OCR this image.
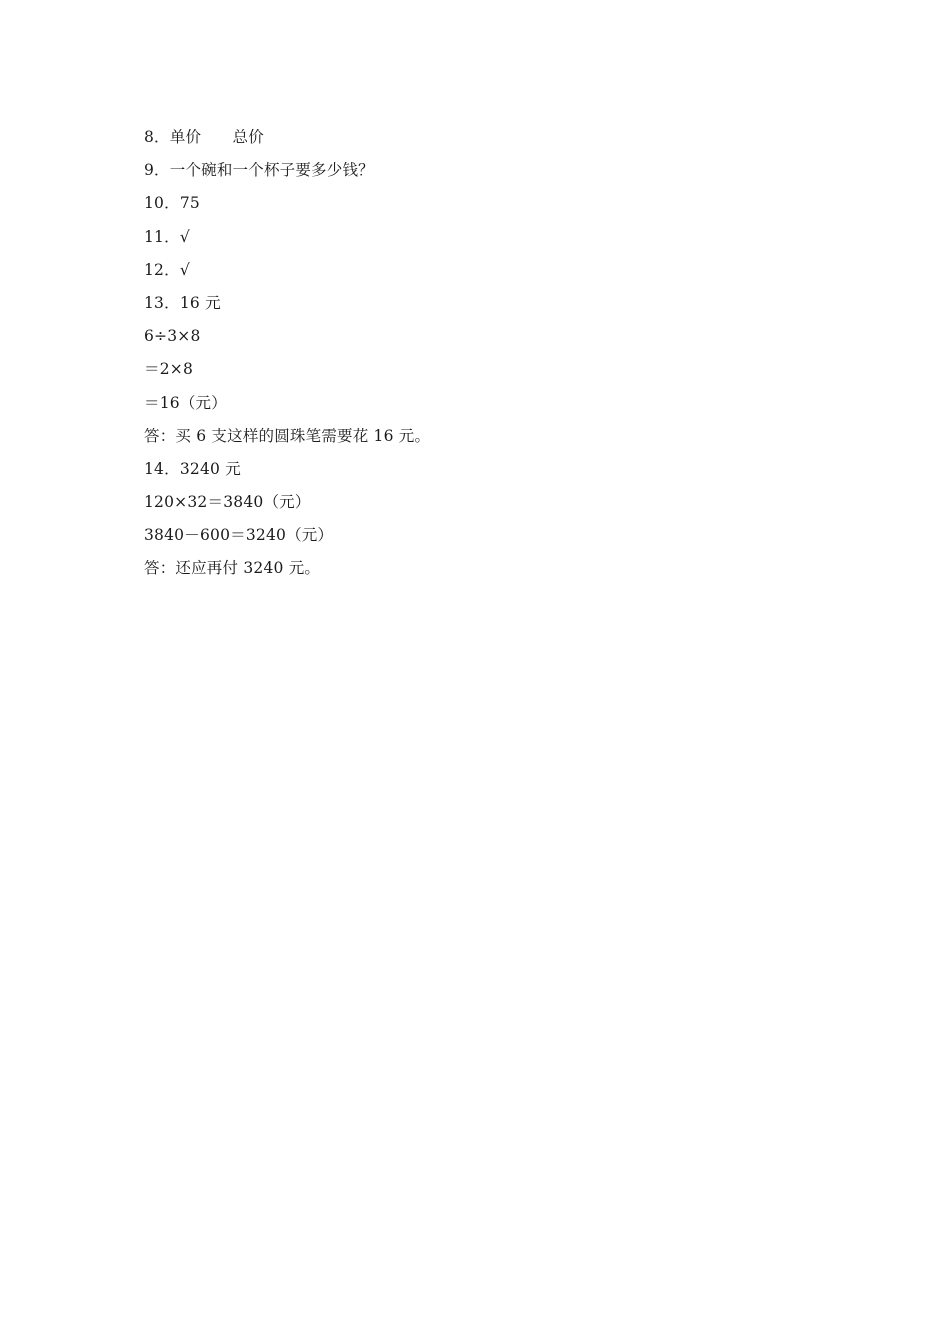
8．单价　　总价
9．一个碗和一个杯子要多少钱？
10．75
11．√
12．√
13．16 元
6÷3×8
＝2×8
＝16（元）
答：买 6 支这样的圆珠笔需要花 16 元。
14．3240 元
120×32＝3840（元）
3840－600＝3240（元）
答：还应再付 3240 元。
